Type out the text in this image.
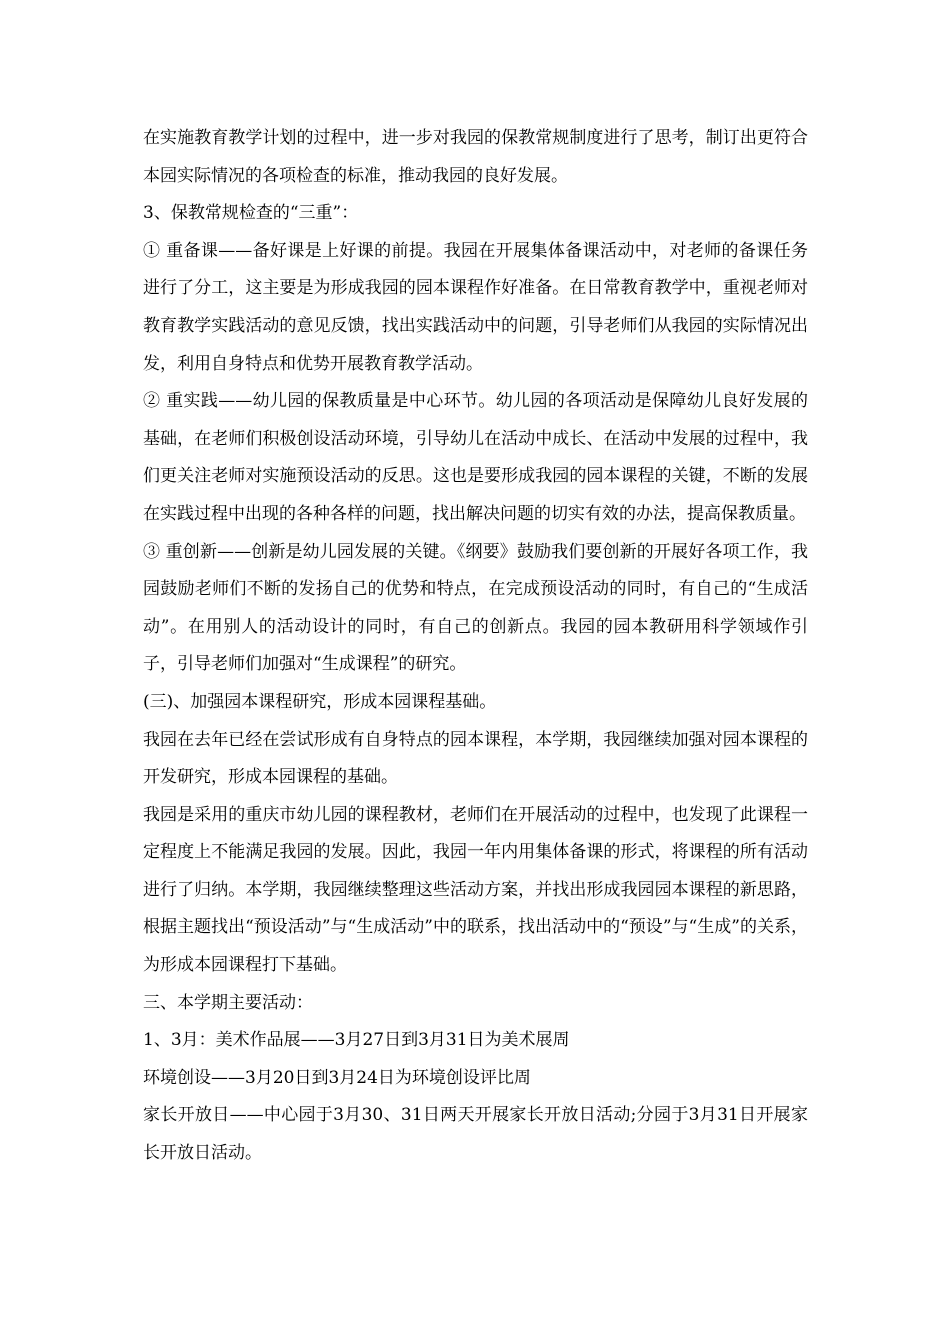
在实施教育教学计划的过程中，进一步对我园的保教常规制度进行了思考，制订出更符合本园实际情况的各项检查的标准，推动我园的良好发展。

3、保教常规检查的“三重”：

① 重备课——备好课是上好课的前提。我园在开展集体备课活动中，对老师的备课任务进行了分工，这主要是为形成我园的园本课程作好准备。在日常教育教学中，重视老师对教育教学实践活动的意见反馈，找出实践活动中的问题，引导老师们从我园的实际情况出发，利用自身特点和优势开展教育教学活动。

② 重实践——幼儿园的保教质量是中心环节。幼儿园的各项活动是保障幼儿良好发展的基础，在老师们积极创设活动环境，引导幼儿在活动中成长、在活动中发展的过程中，我们更关注老师对实施预设活动的反思。这也是要形成我园的园本课程的关键，不断的发展在实践过程中出现的各种各样的问题，找出解决问题的切实有效的办法，提高保教质量。

③ 重创新——创新是幼儿园发展的关键。《纲要》鼓励我们要创新的开展好各项工作，我园鼓励老师们不断的发扬自己的优势和特点，在完成预设活动的同时，有自己的“生成活动”。在用别人的活动设计的同时，有自己的创新点。我园的园本教研用科学领域作引子，引导老师们加强对“生成课程”的研究。

(三)、加强园本课程研究，形成本园课程基础。

我园在去年已经在尝试形成有自身特点的园本课程，本学期，我园继续加强对园本课程的开发研究，形成本园课程的基础。

我园是采用的重庆市幼儿园的课程教材，老师们在开展活动的过程中，也发现了此课程一定程度上不能满足我园的发展。因此，我园一年内用集体备课的形式，将课程的所有活动进行了归纳。本学期，我园继续整理这些活动方案，并找出形成我园园本课程的新思路，根据主题找出“预设活动”与“生成活动”中的联系，找出活动中的“预设”与“生成”的关系，为形成本园课程打下基础。

三、本学期主要活动：

1、3月：美术作品展——3月27日到3月31日为美术展周

环境创设——3月20日到3月24日为环境创设评比周

家长开放日——中心园于3月30、31日两天开展家长开放日活动;分园于3月31日开展家长开放日活动。
